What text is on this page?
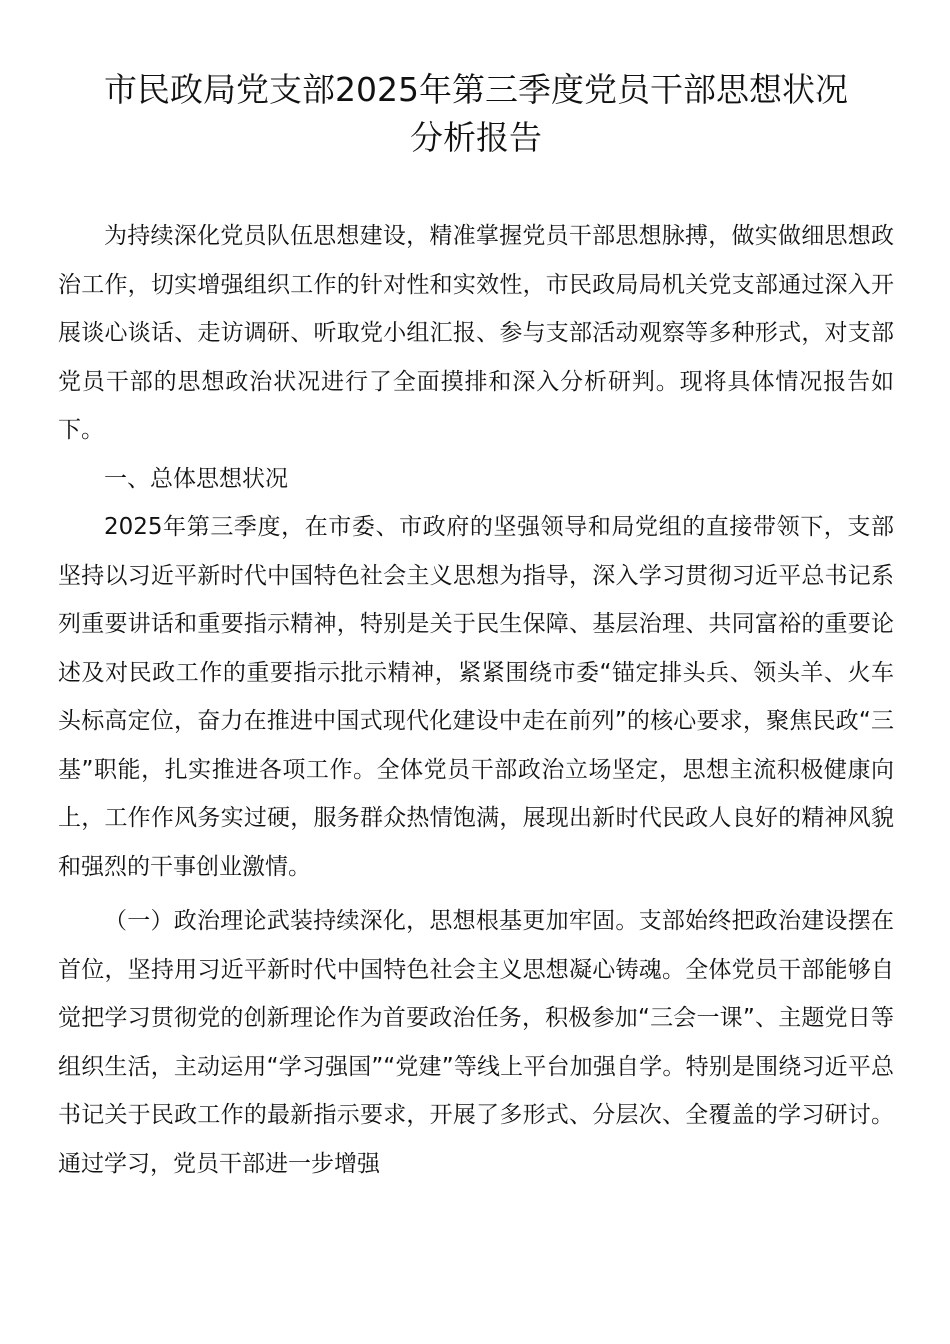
市民政局党支部2025年第三季度党员干部思想状况
分析报告

为持续深化党员队伍思想建设，精准掌握党员干部思想脉搏，做实做细思想政治工作，切实增强组织工作的针对性和实效性，市民政局局机关党支部通过深入开展谈心谈话、走访调研、听取党小组汇报、参与支部活动观察等多种形式，对支部党员干部的思想政治状况进行了全面摸排和深入分析研判。现将具体情况报告如下。

一、总体思想状况

2025年第三季度，在市委、市政府的坚强领导和局党组的直接带领下，支部坚持以习近平新时代中国特色社会主义思想为指导，深入学习贯彻习近平总书记系列重要讲话和重要指示精神，特别是关于民生保障、基层治理、共同富裕的重要论述及对民政工作的重要指示批示精神，紧紧围绕市委“锚定排头兵、领头羊、火车头标高定位，奋力在推进中国式现代化建设中走在前列”的核心要求，聚焦民政“三基”职能，扎实推进各项工作。全体党员干部政治立场坚定，思想主流积极健康向上，工作作风务实过硬，服务群众热情饱满，展现出新时代民政人良好的精神风貌和强烈的干事创业激情。

（一）政治理论武装持续深化，思想根基更加牢固。支部始终把政治建设摆在首位，坚持用习近平新时代中国特色社会主义思想凝心铸魂。全体党员干部能够自觉把学习贯彻党的创新理论作为首要政治任务，积极参加“三会一课”、主题党日等组织生活，主动运用“学习强国”“党建”等线上平台加强自学。特别是围绕习近平总书记关于民政工作的最新指示要求，开展了多形式、分层次、全覆盖的学习研讨。通过学习，党员干部进一步增强
